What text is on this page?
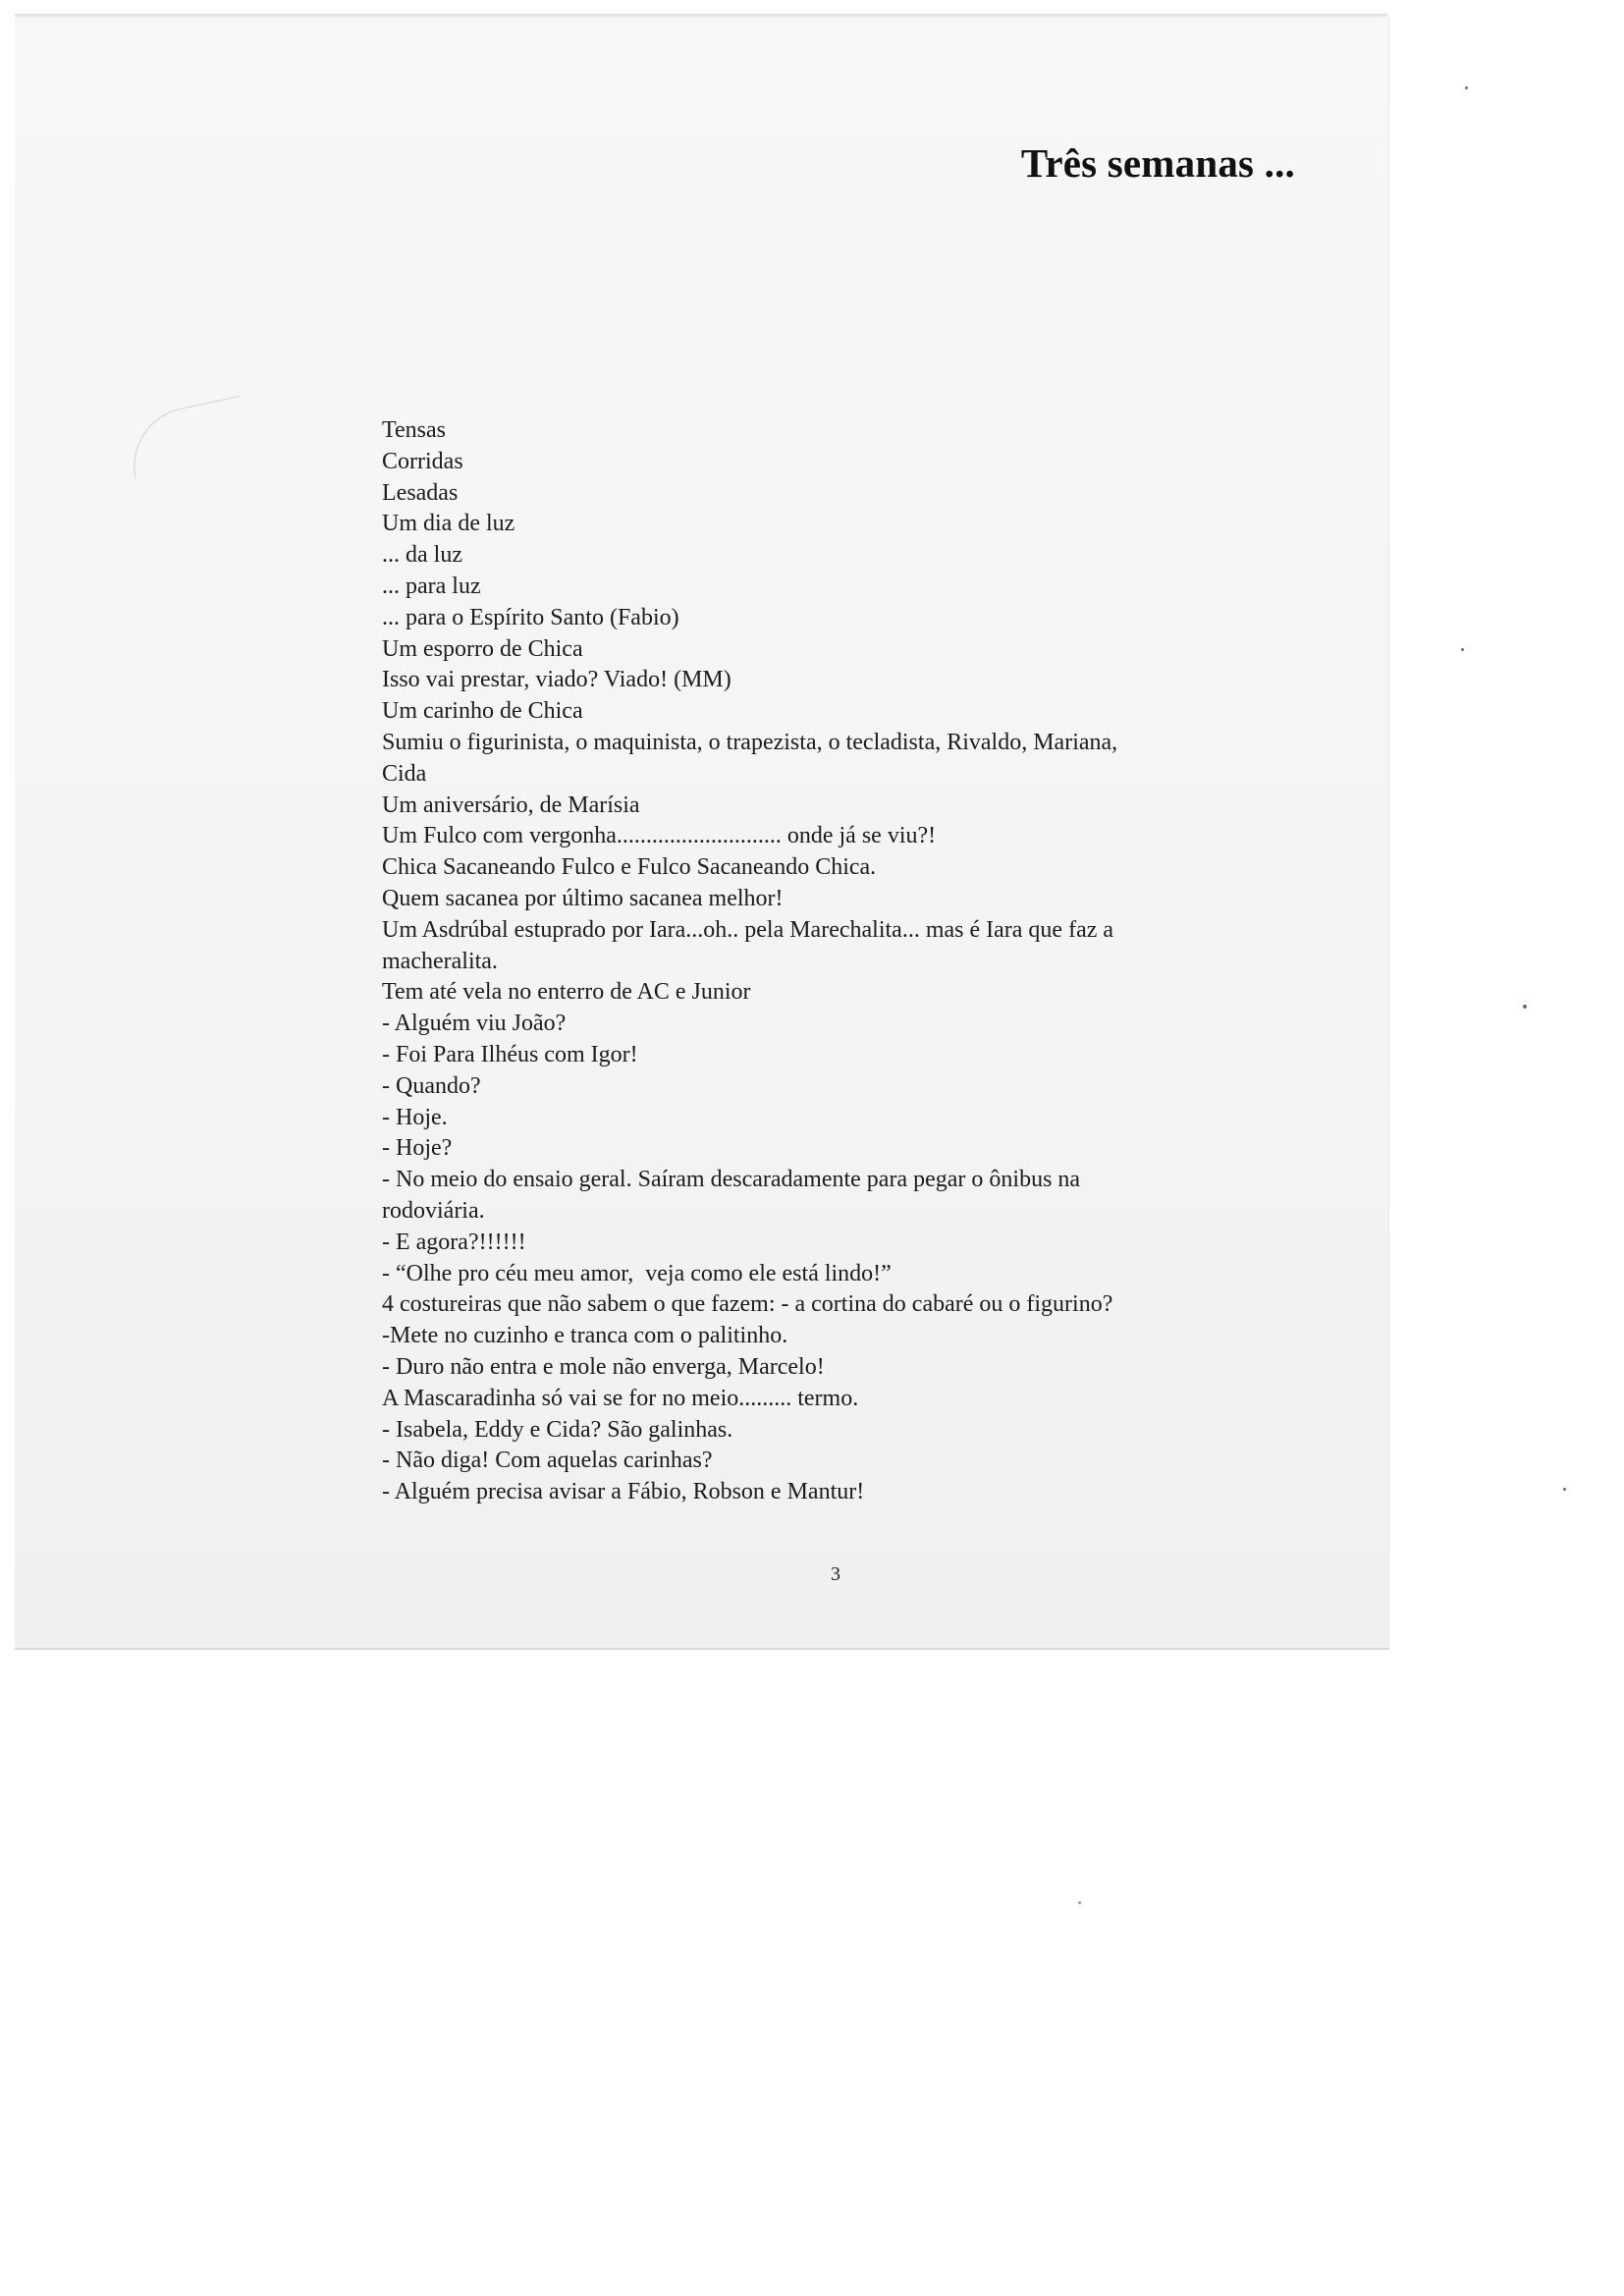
Três semanas ...
Tensas
Corridas
Lesadas
Um dia de luz
... da luz
... para luz
... para o Espírito Santo (Fabio)
Um esporro de Chica
Isso vai prestar, viado? Viado! (MM)
Um carinho de Chica
Sumiu o figurinista, o maquinista, o trapezista, o tecladista, Rivaldo, Mariana,
Cida
Um aniversário, de Marísia
Um Fulco com vergonha............................ onde já se viu?!
Chica Sacaneando Fulco e Fulco Sacaneando Chica.
Quem sacanea por último sacanea melhor!
Um Asdrúbal estuprado por Iara...oh.. pela Marechalita... mas é Iara que faz a
macheralita.
Tem até vela no enterro de AC e Junior
- Alguém viu João?
- Foi Para Ilhéus com Igor!
- Quando?
- Hoje.
- Hoje?
- No meio do ensaio geral. Saíram descaradamente para pegar o ônibus na
rodoviária.
- E agora?!!!!!!
- “Olhe pro céu meu amor,  veja como ele está lindo!”
4 costureiras que não sabem o que fazem: - a cortina do cabaré ou o figurino?
-Mete no cuzinho e tranca com o palitinho.
- Duro não entra e mole não enverga, Marcelo!
A Mascaradinha só vai se for no meio......... termo.
- Isabela, Eddy e Cida? São galinhas.
- Não diga! Com aquelas carinhas?
- Alguém precisa avisar a Fábio, Robson e Mantur!
3
